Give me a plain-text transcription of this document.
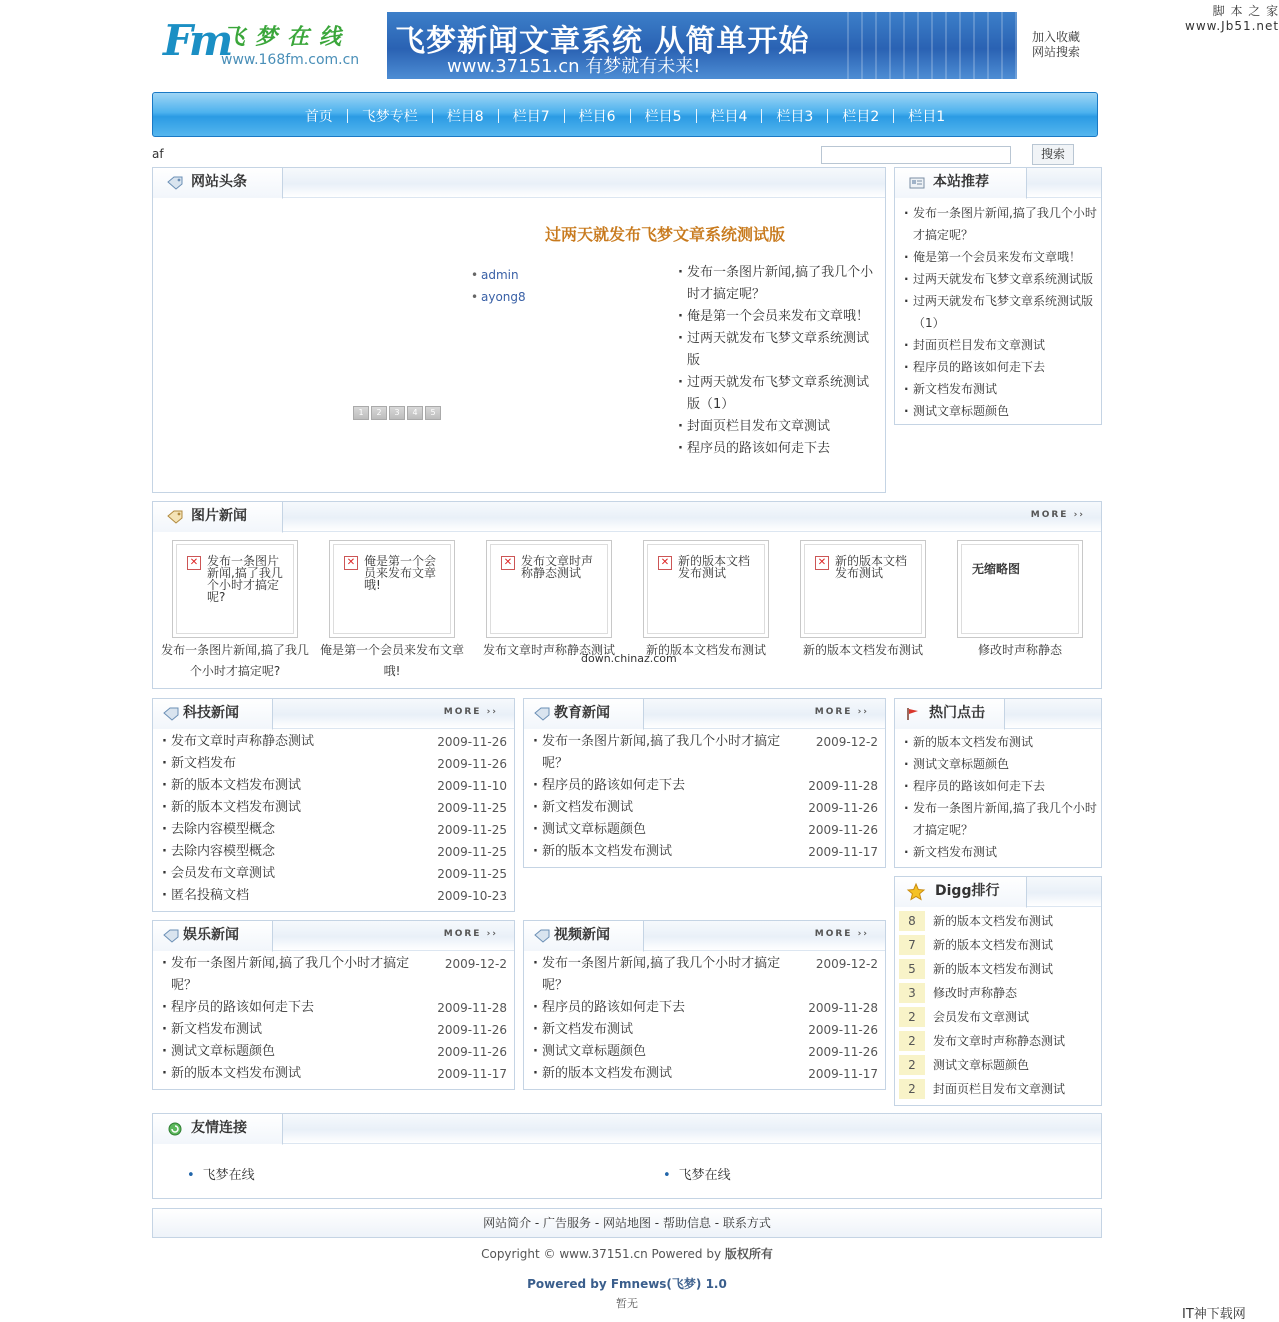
Fm
飞梦在线
www.168fm.com.cn
飞梦新闻文章系统 从简单开始
www.37151.cn 有梦就有未来!
加入收藏
网站搜索
脚 本 之 家
www.Jb51.net
首页	飞梦专栏	栏目8	栏目7	栏目6	栏目5	栏目4	栏目3	栏目2	栏目1
af	搜索
网站头条
过两天就发布飞梦文章系统测试版
• admin
• ayong8
1	2	3	4	5
· 发布一条图片新闻,搞了我几个小时才搞定呢？
· 俺是第一个会员来发布文章哦！
· 过两天就发布飞梦文章系统测试版
· 过两天就发布飞梦文章系统测试版（1）
· 封面页栏目发布文章测试
· 程序员的路该如何走下去
本站推荐
· 发布一条图片新闻,搞了我几个小时才搞定呢？
· 俺是第一个会员来发布文章哦！
· 过两天就发布飞梦文章系统测试版
· 过两天就发布飞梦文章系统测试版（1）
· 封面页栏目发布文章测试
· 程序员的路该如何走下去
· 新文档发布测试
· 测试文章标题颜色
图片新闻	MORE ››
✕ 发布一条图片新闻,搞了我几个小时才搞定呢?
发布一条图片新闻,搞了我几个小时才搞定呢?
✕ 俺是第一个会员来发布文章哦!
俺是第一个会员来发布文章哦!
✕ 发布文章时声称静态测试
发布文章时声称静态测试
✕ 新的版本文档发布测试
新的版本文档发布测试
✕ 新的版本文档发布测试
新的版本文档发布测试
无缩略图
修改时声称静态
down.chinaz.com
科技新闻	MORE ››
· 发布文章时声称静态测试	2009-11-26
· 新文档发布	2009-11-26
· 新的版本文档发布测试	2009-11-10
· 新的版本文档发布测试	2009-11-25
· 去除内容模型概念	2009-11-25
· 去除内容模型概念	2009-11-25
· 会员发布文章测试	2009-11-25
· 匿名投稿文档	2009-10-23
教育新闻	MORE ››
· 发布一条图片新闻,搞了我几个小时才搞定呢？
2009-12-2
· 程序员的路该如何走下去	2009-11-28
· 新文档发布测试	2009-11-26
· 测试文章标题颜色	2009-11-26
· 新的版本文档发布测试	2009-11-17
热门点击
· 新的版本文档发布测试
· 测试文章标题颜色
· 程序员的路该如何走下去
· 发布一条图片新闻,搞了我几个小时才搞定呢？
· 新文档发布测试
Digg排行
8	新的版本文档发布测试
7	新的版本文档发布测试
5	新的版本文档发布测试
3	修改时声称静态
2	会员发布文章测试
2	发布文章时声称静态测试
2	测试文章标题颜色
2	封面页栏目发布文章测试
娱乐新闻	MORE ››
· 发布一条图片新闻,搞了我几个小时才搞定呢？
2009-12-2
· 程序员的路该如何走下去	2009-11-28
· 新文档发布测试	2009-11-26
· 测试文章标题颜色	2009-11-26
· 新的版本文档发布测试	2009-11-17
视频新闻	MORE ››
· 发布一条图片新闻,搞了我几个小时才搞定呢？
2009-12-2
· 程序员的路该如何走下去	2009-11-28
· 新文档发布测试	2009-11-26
· 测试文章标题颜色	2009-11-26
· 新的版本文档发布测试	2009-11-17
友情连接
• 飞梦在线
•	飞梦在线
网站简介 - 广告服务 - 网站地图 - 帮助信息 - 联系方式
Copyright © www.37151.cn Powered by 版权所有
Powered by Fmnews(飞梦) 1.0
暂无
IT神下载网
